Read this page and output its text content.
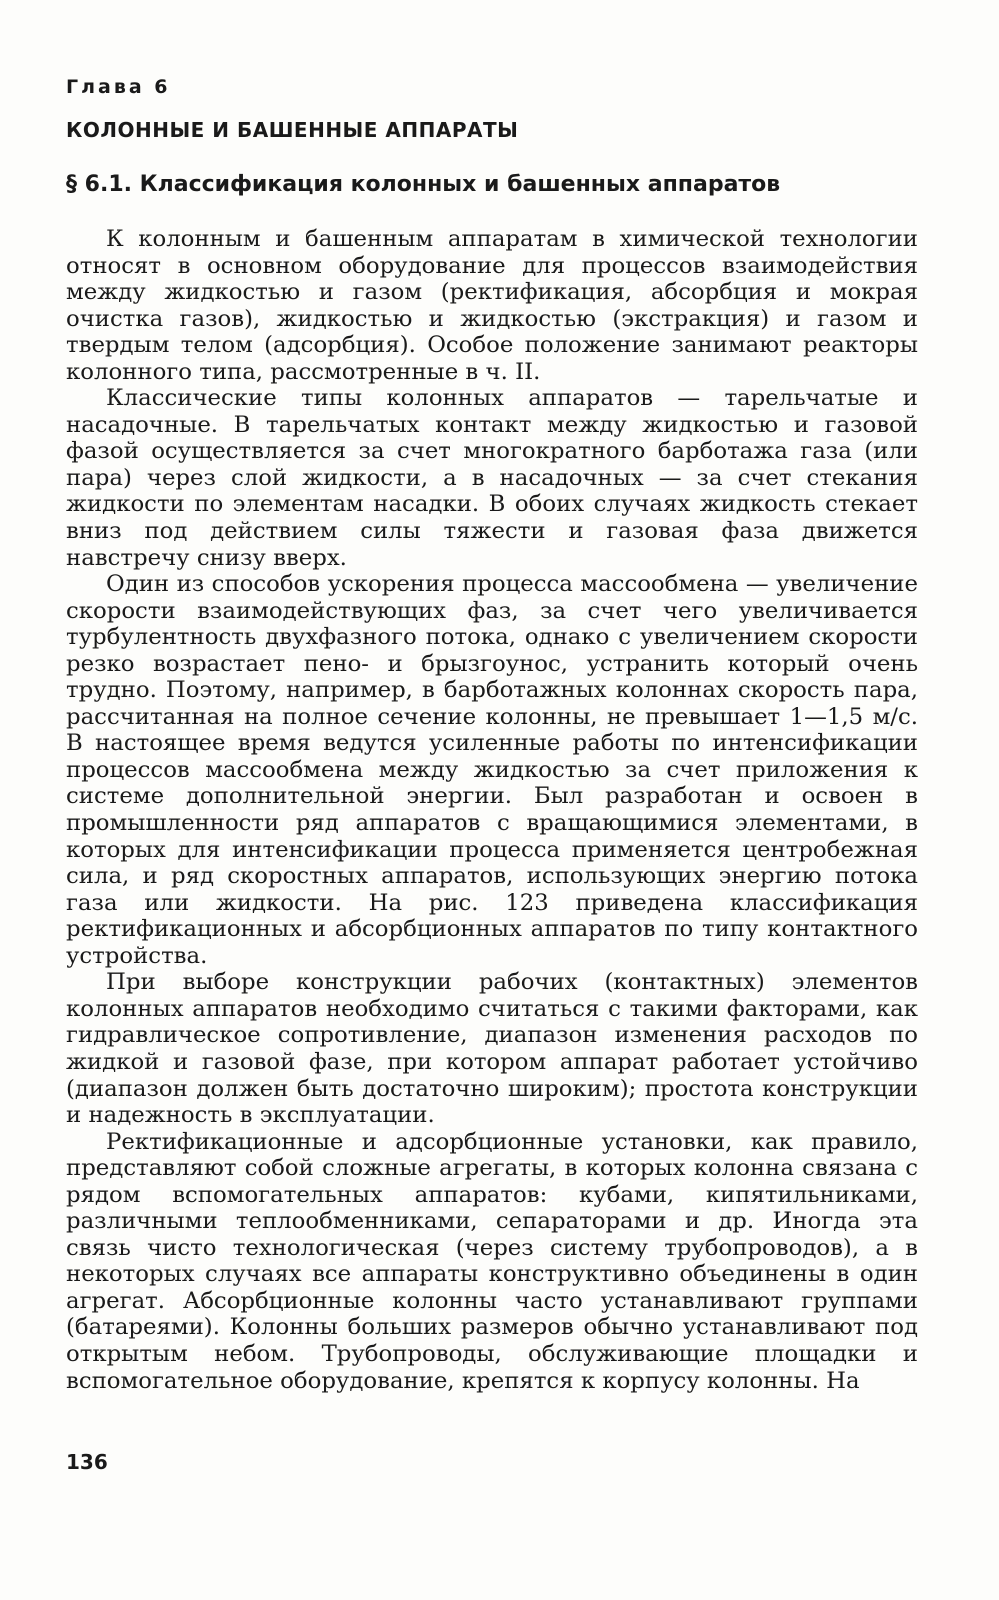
Глава 6
КОЛОННЫЕ И БАШЕННЫЕ АППАРАТЫ
§ 6.1. Классификация колонных и башенных аппаратов

К колонным и башенным аппаратам в химической технологии относят в основном оборудование для процессов взаимодействия между жидкостью и газом (ректификация, абсорбция и мокрая очистка газов), жидкостью и жидкостью (экстракция) и газом и твердым телом (адсорбция). Особое положение занимают реакторы колонного типа, рассмотренные в ч. II.

Классические типы колонных аппаратов — тарельчатые и насадочные. В тарельчатых контакт между жидкостью и газовой фазой осуществляется за счет многократного барботажа газа (или пара) через слой жидкости, а в насадочных — за счет стекания жидкости по элементам насадки. В обоих случаях жидкость стекает вниз под действием силы тяжести и газовая фаза движется навстречу снизу вверх.

Один из способов ускорения процесса массообмена — увеличение скорости взаимодействующих фаз, за счет чего увеличивается турбулентность двухфазного потока, однако с увеличением скорости резко возрастает пено- и брызгоунос, устранить который очень трудно. Поэтому, например, в барботажных колоннах скорость пара, рассчитанная на полное сечение колонны, не превышает 1—1,5 м/с. В настоящее время ведутся усиленные работы по интенсификации процессов массообмена между жидкостью за счет приложения к системе дополнительной энергии. Был разработан и освоен в промышленности ряд аппаратов с вращающимися элементами, в которых для интенсификации процесса применяется центробежная сила, и ряд скоростных аппаратов, использующих энергию потока газа или жидкости. На рис. 123 приведена классификация ректификационных и абсорбционных аппаратов по типу контактного устройства.

При выборе конструкции рабочих (контактных) элементов колонных аппаратов необходимо считаться с такими факторами, как гидравлическое сопротивление, диапазон изменения расходов по жидкой и газовой фазе, при котором аппарат работает устойчиво (диапазон должен быть достаточно широким); простота конструкции и надежность в эксплуатации.

Ректификационные и адсорбционные установки, как правило, представляют собой сложные агрегаты, в которых колонна связана с рядом вспомогательных аппаратов: кубами, кипятильниками, различными теплообменниками, сепараторами и др. Иногда эта связь чисто технологическая (через систему трубопроводов), а в некоторых случаях все аппараты конструктивно объединены в один агрегат. Абсорбционные колонны часто устанавливают группами (батареями). Колонны больших размеров обычно устанавливают под открытым небом. Трубопроводы, обслуживающие площадки и вспомогательное оборудование, крепятся к корпусу колонны. На

136
